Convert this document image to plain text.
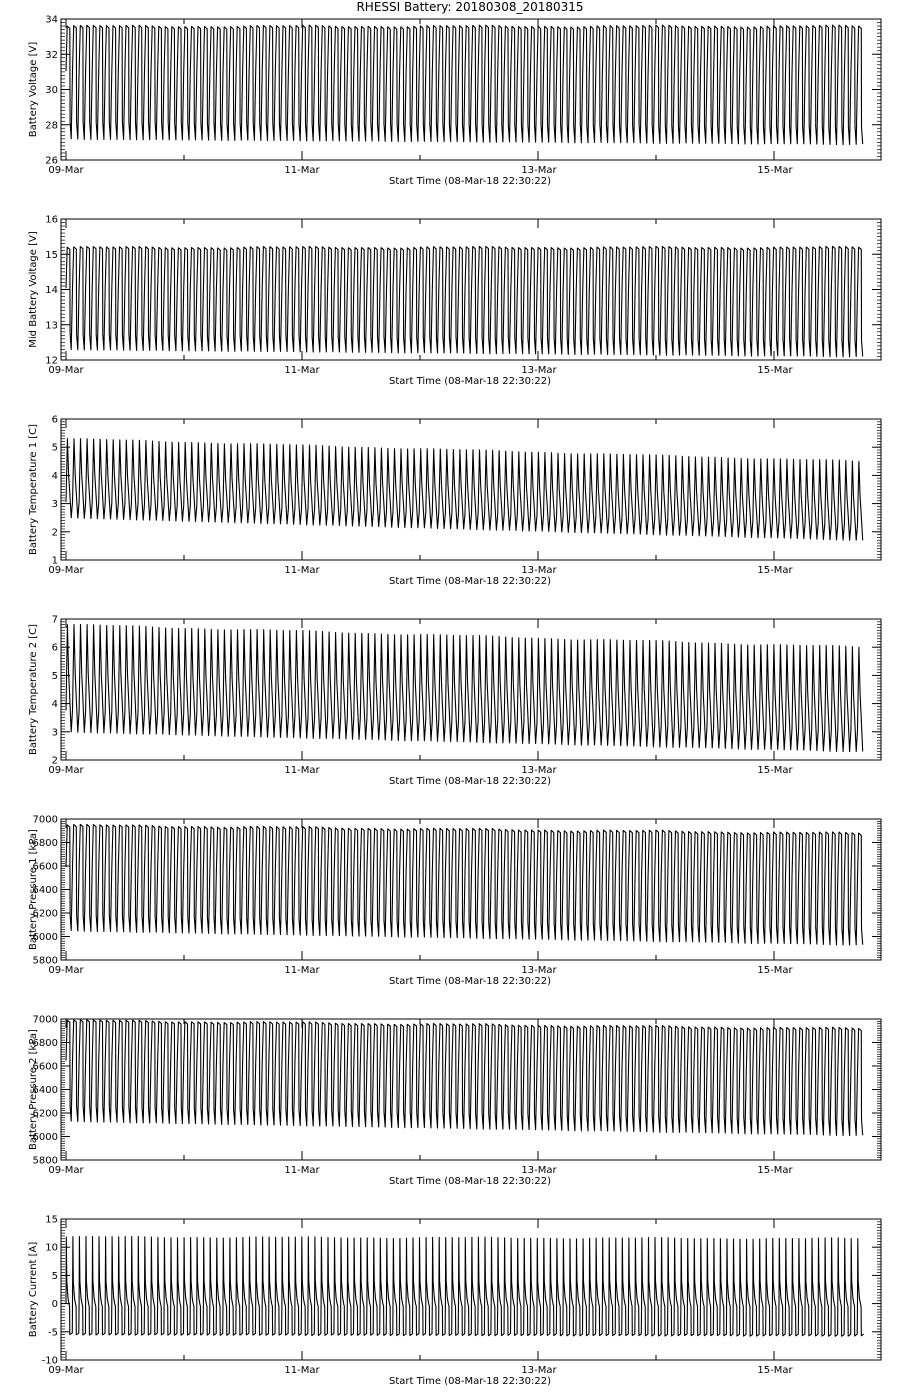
RHESSI Battery: 20180308_20180315
26
28
30
32
34
09-Mar	11-Mar	13-Mar	15-Mar
Start Time (08-Mar-18 22:30:22)
Battery Voltage [V]
12
13
14
15
16
09-Mar	11-Mar	13-Mar	15-Mar
Start Time (08-Mar-18 22:30:22)
Mid Battery Voltage [V]
1
2
3
4
5
6
09-Mar	11-Mar	13-Mar	15-Mar
Start Time (08-Mar-18 22:30:22)
Battery Temperature 1 [C]
2
3
4
5
6
7
09-Mar	11-Mar	13-Mar	15-Mar
Start Time (08-Mar-18 22:30:22)
Battery Temperature 2 [C]
5800
6000
6200
6400
6600
6800
7000
09-Mar	11-Mar	13-Mar	15-Mar
Start Time (08-Mar-18 22:30:22)
Battery Pressure 1 [kPa]
5800
6000
6200
6400
6600
6800
7000
09-Mar	11-Mar	13-Mar	15-Mar
Start Time (08-Mar-18 22:30:22)
Battery Pressure 2 [kPa]
-10
-5
0
5
10
15
09-Mar	11-Mar	13-Mar	15-Mar
Start Time (08-Mar-18 22:30:22)
Battery Current [A]
